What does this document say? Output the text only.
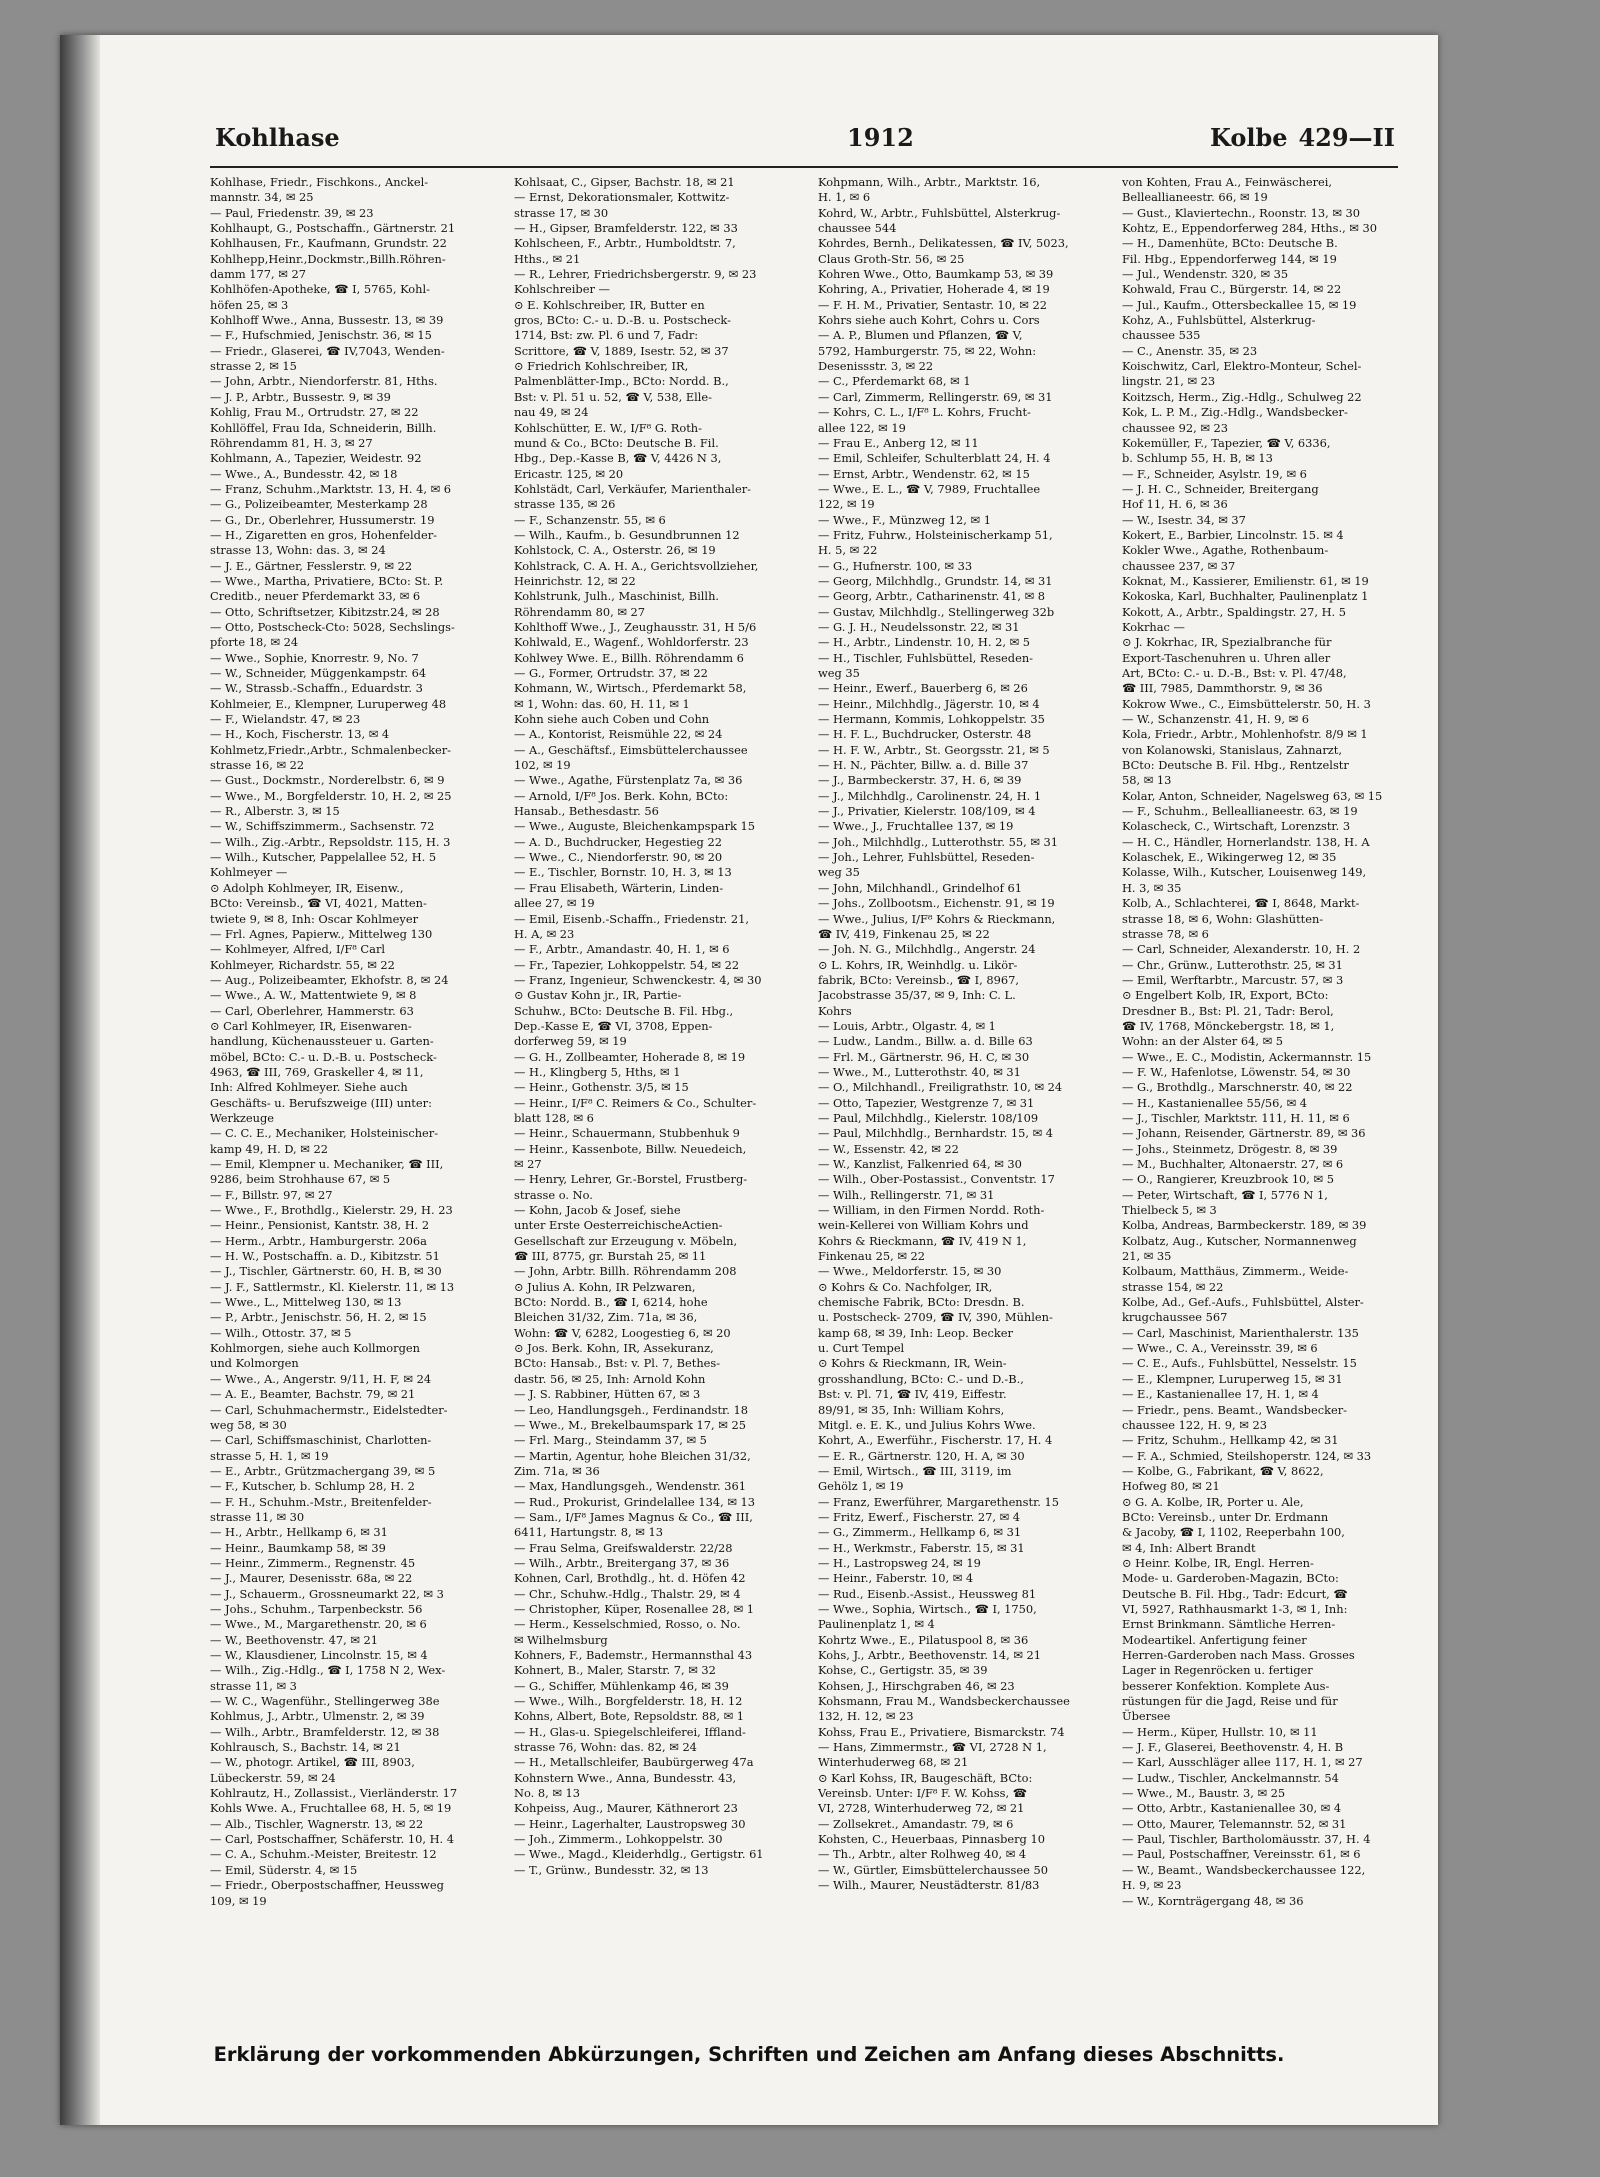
Kohlhase	1912	Kolbe 429—II
Kohlhase, Friedr., Fischkons., Anckel-
mannstr. 34, ✉ 25
— Paul, Friedenstr. 39, ✉ 23
Kohlhaupt, G., Postschaffn., Gärtnerstr. 21
Kohlhausen, Fr., Kaufmann, Grundstr. 22
Kohlhepp,Heinr.,Dockmstr.,Billh.Röhren-
damm 177, ✉ 27
Kohlhöfen-Apotheke, ☎ I, 5765, Kohl-
höfen 25, ✉ 3
Kohlhoff Wwe., Anna, Bussestr. 13, ✉ 39
— F., Hufschmied, Jenischstr. 36, ✉ 15
— Friedr., Glaserei, ☎ IV,7043, Wenden-
strasse 2, ✉ 15
— John, Arbtr., Niendorferstr. 81, Hths.
— J. P., Arbtr., Bussestr. 9, ✉ 39
Kohlig, Frau M., Ortrudstr. 27, ✉ 22
Kohllöffel, Frau Ida, Schneiderin, Billh.
Röhrendamm 81, H. 3, ✉ 27
Kohlmann, A., Tapezier, Weidestr. 92
— Wwe., A., Bundesstr. 42, ✉ 18
— Franz, Schuhm.,Marktstr. 13, H. 4, ✉ 6
— G., Polizeibeamter, Mesterkamp 28
— G., Dr., Oberlehrer, Hussumerstr. 19
— H., Zigaretten en gros, Hohenfelder-
strasse 13, Wohn: das. 3, ✉ 24
— J. E., Gärtner, Fesslerstr. 9, ✉ 22
— Wwe., Martha, Privatiere, BCto: St. P.
Creditb., neuer Pferdemarkt 33, ✉ 6
— Otto, Schriftsetzer, Kibitzstr.24, ✉ 28
— Otto, Postscheck-Cto: 5028, Sechslings-
pforte 18, ✉ 24
— Wwe., Sophie, Knorrestr. 9, No. 7
— W., Schneider, Müggenkampstr. 64
— W., Strassb.-Schaffn., Eduardstr. 3
Kohlmeier, E., Klempner, Luruperweg 48
— F., Wielandstr. 47, ✉ 23
— H., Koch, Fischerstr. 13, ✉ 4
Kohlmetz,Friedr.,Arbtr., Schmalenbecker-
strasse 16, ✉ 22
— Gust., Dockmstr., Norderelbstr. 6, ✉ 9
— Wwe., M., Borgfelderstr. 10, H. 2, ✉ 25
— R., Alberstr. 3, ✉ 15
— W., Schiffszimmerm., Sachsenstr. 72
— Wilh., Zig.-Arbtr., Repsoldstr. 115, H. 3
— Wilh., Kutscher, Pappelallee 52, H. 5
Kohlmeyer —
⊙ Adolph Kohlmeyer, IR, Eisenw.,
BCto: Vereinsb., ☎ VI, 4021, Matten-
twiete 9, ✉ 8, Inh: Oscar Kohlmeyer
— Frl. Agnes, Papierw., Mittelweg 130
— Kohlmeyer, Alfred, I/F⁸ Carl
Kohlmeyer, Richardstr. 55, ✉ 22
— Aug., Polizeibeamter, Ekhofstr. 8, ✉ 24
— Wwe., A. W., Mattentwiete 9, ✉ 8
— Carl, Oberlehrer, Hammerstr. 63
⊙ Carl Kohlmeyer, IR, Eisenwaren-
handlung, Küchenaussteuer u. Garten-
möbel, BCto: C.- u. D.-B. u. Postscheck-
4963, ☎ III, 769, Graskeller 4, ✉ 11,
Inh: Alfred Kohlmeyer. Siehe auch
Geschäfts- u. Berufszweige (III) unter:
Werkzeuge
— C. C. E., Mechaniker, Holsteinischer-
kamp 49, H. D, ✉ 22
— Emil, Klempner u. Mechaniker, ☎ III,
9286, beim Strohhause 67, ✉ 5
— F., Billstr. 97, ✉ 27
— Wwe., F., Brothdlg., Kielerstr. 29, H. 23
— Heinr., Pensionist, Kantstr. 38, H. 2
— Herm., Arbtr., Hamburgerstr. 206a
— H. W., Postschaffn. a. D., Kibitzstr. 51
— J., Tischler, Gärtnerstr. 60, H. B, ✉ 30
— J. F., Sattlermstr., Kl. Kielerstr. 11, ✉ 13
— Wwe., L., Mittelweg 130, ✉ 13
— P., Arbtr., Jenischstr. 56, H. 2, ✉ 15
— Wilh., Ottostr. 37, ✉ 5
Kohlmorgen, siehe auch Kollmorgen
und Kolmorgen
— Wwe., A., Angerstr. 9/11, H. F, ✉ 24
— A. E., Beamter, Bachstr. 79, ✉ 21
— Carl, Schuhmachermstr., Eidelstedter-
weg 58, ✉ 30
— Carl, Schiffsmaschinist, Charlotten-
strasse 5, H. 1, ✉ 19
— E., Arbtr., Grützmachergang 39, ✉ 5
— F., Kutscher, b. Schlump 28, H. 2
— F. H., Schuhm.-Mstr., Breitenfelder-
strasse 11, ✉ 30
— H., Arbtr., Hellkamp 6, ✉ 31
— Heinr., Baumkamp 58, ✉ 39
— Heinr., Zimmerm., Regnenstr. 45
— J., Maurer, Desenisstr. 68a, ✉ 22
— J., Schauerm., Grossneumarkt 22, ✉ 3
— Johs., Schuhm., Tarpenbeckstr. 56
— Wwe., M., Margarethenstr. 20, ✉ 6
— W., Beethovenstr. 47, ✉ 21
— W., Klausdiener, Lincolnstr. 15, ✉ 4
— Wilh., Zig.-Hdlg., ☎ I, 1758 N 2, Wex-
strasse 11, ✉ 3
— W. C., Wagenführ., Stellingerweg 38e
Kohlmus, J., Arbtr., Ulmenstr. 2, ✉ 39
— Wilh., Arbtr., Bramfelderstr. 12, ✉ 38
Kohlrausch, S., Bachstr. 14, ✉ 21
— W., photogr. Artikel, ☎ III, 8903,
Lübeckerstr. 59, ✉ 24
Kohlrautz, H., Zollassist., Vierländerstr. 17
Kohls Wwe. A., Fruchtallee 68, H. 5, ✉ 19
— Alb., Tischler, Wagnerstr. 13, ✉ 22
— Carl, Postschaffner, Schäferstr. 10, H. 4
— C. A., Schuhm.-Meister, Breitestr. 12
— Emil, Süderstr. 4, ✉ 15
— Friedr., Oberpostschaffner, Heussweg
109, ✉ 19
Kohlsaat, C., Gipser, Bachstr. 18, ✉ 21
— Ernst, Dekorationsmaler, Kottwitz-
strasse 17, ✉ 30
— H., Gipser, Bramfelderstr. 122, ✉ 33
Kohlscheen, F., Arbtr., Humboldtstr. 7,
Hths., ✉ 21
— R., Lehrer, Friedrichsbergerstr. 9, ✉ 23
Kohlschreiber —
⊙ E. Kohlschreiber, IR, Butter en
gros, BCto: C.- u. D.-B. u. Postscheck-
1714, Bst: zw. Pl. 6 und 7, Fadr:
Scrittore, ☎ V, 1889, Isestr. 52, ✉ 37
⊙ Friedrich Kohlschreiber, IR,
Palmenblätter-Imp., BCto: Nordd. B.,
Bst: v. Pl. 51 u. 52, ☎ V, 538, Elle-
nau 49, ✉ 24
Kohlschütter, E. W., I/F⁸ G. Roth-
mund & Co., BCto: Deutsche B. Fil.
Hbg., Dep.-Kasse B, ☎ V, 4426 N 3,
Ericastr. 125, ✉ 20
Kohlstädt, Carl, Verkäufer, Marienthaler-
strasse 135, ✉ 26
— F., Schanzenstr. 55, ✉ 6
— Wilh., Kaufm., b. Gesundbrunnen 12
Kohlstock, C. A., Osterstr. 26, ✉ 19
Kohlstrack, C. A. H. A., Gerichtsvollzieher,
Heinrichstr. 12, ✉ 22
Kohlstrunk, Julh., Maschinist, Billh.
Röhrendamm 80, ✉ 27
Kohlthoff Wwe., J., Zeughausstr. 31, H 5/6
Kohlwald, E., Wagenf., Wohldorferstr. 23
Kohlwey Wwe. E., Billh. Röhrendamm 6
— G., Former, Ortrudstr. 37, ✉ 22
Kohmann, W., Wirtsch., Pferdemarkt 58,
✉ 1, Wohn: das. 60, H. 11, ✉ 1
Kohn siehe auch Coben und Cohn
— A., Kontorist, Reismühle 22, ✉ 24
— A., Geschäftsf., Eimsbüttelerchaussee
102, ✉ 19
— Wwe., Agathe, Fürstenplatz 7a, ✉ 36
— Arnold, I/F⁸ Jos. Berk. Kohn, BCto:
Hansab., Bethesdastr. 56
— Wwe., Auguste, Bleichenkampspark 15
— A. D., Buchdrucker, Hegestieg 22
— Wwe., C., Niendorferstr. 90, ✉ 20
— E., Tischler, Bornstr. 10, H. 3, ✉ 13
— Frau Elisabeth, Wärterin, Linden-
allee 27, ✉ 19
— Emil, Eisenb.-Schaffn., Friedenstr. 21,
H. A, ✉ 23
— F., Arbtr., Amandastr. 40, H. 1, ✉ 6
— Fr., Tapezier, Lohkoppelstr. 54, ✉ 22
— Franz, Ingenieur, Schwenckestr. 4, ✉ 30
⊙ Gustav Kohn jr., IR, Partie-
Schuhw., BCto: Deutsche B. Fil. Hbg.,
Dep.-Kasse E, ☎ VI, 3708, Eppen-
dorferweg 59, ✉ 19
— G. H., Zollbeamter, Hoherade 8, ✉ 19
— H., Klingberg 5, Hths, ✉ 1
— Heinr., Gothenstr. 3/5, ✉ 15
— Heinr., I/F⁸ C. Reimers & Co., Schulter-
blatt 128, ✉ 6
— Heinr., Schauermann, Stubbenhuk 9
— Heinr., Kassenbote, Billw. Neuedeich,
✉ 27
— Henry, Lehrer, Gr.-Borstel, Frustberg-
strasse o. No.
— Kohn, Jacob & Josef, siehe
unter Erste OesterreichischeActien-
Gesellschaft zur Erzeugung v. Möbeln,
☎ III, 8775, gr. Burstah 25, ✉ 11
— John, Arbtr. Billh. Röhrendamm 208
⊙ Julius A. Kohn, IR Pelzwaren,
BCto: Nordd. B., ☎ I, 6214, hohe
Bleichen 31/32, Zim. 71a, ✉ 36,
Wohn: ☎ V, 6282, Loogestieg 6, ✉ 20
⊙ Jos. Berk. Kohn, IR, Assekuranz,
BCto: Hansab., Bst: v. Pl. 7, Bethes-
dastr. 56, ✉ 25, Inh: Arnold Kohn
— J. S. Rabbiner, Hütten 67, ✉ 3
— Leo, Handlungsgeh., Ferdinandstr. 18
— Wwe., M., Brekelbaumspark 17, ✉ 25
— Frl. Marg., Steindamm 37, ✉ 5
— Martin, Agentur, hohe Bleichen 31/32,
Zim. 71a, ✉ 36
— Max, Handlungsgeh., Wendenstr. 361
— Rud., Prokurist, Grindelallee 134, ✉ 13
— Sam., I/F⁸ James Magnus & Co., ☎ III,
6411, Hartungstr. 8, ✉ 13
— Frau Selma, Greifswalderstr. 22/28
— Wilh., Arbtr., Breitergang 37, ✉ 36
Kohnen, Carl, Brothdlg., ht. d. Höfen 42
— Chr., Schuhw.-Hdlg., Thalstr. 29, ✉ 4
— Christopher, Küper, Rosenallee 28, ✉ 1
— Herm., Kesselschmied, Rosso, o. No.
✉ Wilhelmsburg
Kohners, F., Bademstr., Hermannsthal 43
Kohnert, B., Maler, Starstr. 7, ✉ 32
— G., Schiffer, Mühlenkamp 46, ✉ 39
— Wwe., Wilh., Borgfelderstr. 18, H. 12
Kohns, Albert, Bote, Repsoldstr. 88, ✉ 1
— H., Glas-u. Spiegelschleiferei, Iffland-
strasse 76, Wohn: das. 82, ✉ 24
— H., Metallschleifer, Baubürgerweg 47a
Kohnstern Wwe., Anna, Bundesstr. 43,
No. 8, ✉ 13
Kohpeiss, Aug., Maurer, Käthnerort 23
— Heinr., Lagerhalter, Laustropsweg 30
— Joh., Zimmerm., Lohkoppelstr. 30
— Wwe., Magd., Kleiderhdlg., Gertigstr. 61
— T., Grünw., Bundesstr. 32, ✉ 13
Kohpmann, Wilh., Arbtr., Marktstr. 16,
H. 1, ✉ 6
Kohrd, W., Arbtr., Fuhlsbüttel, Alsterkrug-
chaussee 544
Kohrdes, Bernh., Delikatessen, ☎ IV, 5023,
Claus Groth-Str. 56, ✉ 25
Kohren Wwe., Otto, Baumkamp 53, ✉ 39
Kohring, A., Privatier, Hoherade 4, ✉ 19
— F. H. M., Privatier, Sentastr. 10, ✉ 22
Kohrs siehe auch Kohrt, Cohrs u. Cors
— A. P., Blumen und Pflanzen, ☎ V,
5792, Hamburgerstr. 75, ✉ 22, Wohn:
Desenissstr. 3, ✉ 22
— C., Pferdemarkt 68, ✉ 1
— Carl, Zimmerm, Rellingerstr. 69, ✉ 31
— Kohrs, C. L., I/F⁸ L. Kohrs, Frucht-
allee 122, ✉ 19
— Frau E., Anberg 12, ✉ 11
— Emil, Schleifer, Schulterblatt 24, H. 4
— Ernst, Arbtr., Wendenstr. 62, ✉ 15
— Wwe., E. L., ☎ V, 7989, Fruchtallee
122, ✉ 19
— Wwe., F., Münzweg 12, ✉ 1
— Fritz, Fuhrw., Holsteinischerkamp 51,
H. 5, ✉ 22
— G., Hufnerstr. 100, ✉ 33
— Georg, Milchhdlg., Grundstr. 14, ✉ 31
— Georg, Arbtr., Catharinenstr. 41, ✉ 8
— Gustav, Milchhdlg., Stellingerweg 32b
— G. J. H., Neudelssonstr. 22, ✉ 31
— H., Arbtr., Lindenstr. 10, H. 2, ✉ 5
— H., Tischler, Fuhlsbüttel, Reseden-
weg 35
— Heinr., Ewerf., Bauerberg 6, ✉ 26
— Heinr., Milchhdlg., Jägerstr. 10, ✉ 4
— Hermann, Kommis, Lohkoppelstr. 35
— H. F. L., Buchdrucker, Osterstr. 48
— H. F. W., Arbtr., St. Georgsstr. 21, ✉ 5
— H. N., Pächter, Billw. a. d. Bille 37
— J., Barmbeckerstr. 37, H. 6, ✉ 39
— J., Milchhdlg., Carolinenstr. 24, H. 1
— J., Privatier, Kielerstr. 108/109, ✉ 4
— Wwe., J., Fruchtallee 137, ✉ 19
— Joh., Milchhdlg., Lutterothstr. 55, ✉ 31
— Joh., Lehrer, Fuhlsbüttel, Reseden-
weg 35
— John, Milchhandl., Grindelhof 61
— Johs., Zollbootsm., Eichenstr. 91, ✉ 19
— Wwe., Julius, I/F⁸ Kohrs & Rieckmann,
☎ IV, 419, Finkenau 25, ✉ 22
— Joh. N. G., Milchhdlg., Angerstr. 24
⊙ L. Kohrs, IR, Weinhdlg. u. Likör-
fabrik, BCto: Vereinsb., ☎ I, 8967,
Jacobstrasse 35/37, ✉ 9, Inh: C. L.
Kohrs
— Louis, Arbtr., Olgastr. 4, ✉ 1
— Ludw., Landm., Billw. a. d. Bille 63
— Frl. M., Gärtnerstr. 96, H. C, ✉ 30
— Wwe., M., Lutterothstr. 40, ✉ 31
— O., Milchhandl., Freiligrathstr. 10, ✉ 24
— Otto, Tapezier, Westgrenze 7, ✉ 31
— Paul, Milchhdlg., Kielerstr. 108/109
— Paul, Milchhdlg., Bernhardstr. 15, ✉ 4
— W., Essenstr. 42, ✉ 22
— W., Kanzlist, Falkenried 64, ✉ 30
— Wilh., Ober-Postassist., Conventstr. 17
— Wilh., Rellingerstr. 71, ✉ 31
— William, in den Firmen Nordd. Roth-
wein-Kellerei von William Kohrs und
Kohrs & Rieckmann, ☎ IV, 419 N 1,
Finkenau 25, ✉ 22
— Wwe., Meldorferstr. 15, ✉ 30
⊙ Kohrs & Co. Nachfolger, IR,
chemische Fabrik, BCto: Dresdn. B.
u. Postscheck- 2709, ☎ IV, 390, Mühlen-
kamp 68, ✉ 39, Inh: Leop. Becker
u. Curt Tempel
⊙ Kohrs & Rieckmann, IR, Wein-
grosshandlung, BCto: C.- und D.-B.,
Bst: v. Pl. 71, ☎ IV, 419, Eiffestr.
89/91, ✉ 35, Inh: William Kohrs,
Mitgl. e. E. K., und Julius Kohrs Wwe.
Kohrt, A., Ewerführ., Fischerstr. 17, H. 4
— E. R., Gärtnerstr. 120, H. A, ✉ 30
— Emil, Wirtsch., ☎ III, 3119, im
Gehölz 1, ✉ 19
— Franz, Ewerführer, Margarethenstr. 15
— Fritz, Ewerf., Fischerstr. 27, ✉ 4
— G., Zimmerm., Hellkamp 6, ✉ 31
— H., Werkmstr., Faberstr. 15, ✉ 31
— H., Lastropsweg 24, ✉ 19
— Heinr., Faberstr. 10, ✉ 4
— Rud., Eisenb.-Assist., Heussweg 81
— Wwe., Sophia, Wirtsch., ☎ I, 1750,
Paulinenplatz 1, ✉ 4
Kohrtz Wwe., E., Pilatuspool 8, ✉ 36
Kohs, J., Arbtr., Beethovenstr. 14, ✉ 21
Kohse, C., Gertigstr. 35, ✉ 39
Kohsen, J., Hirschgraben 46, ✉ 23
Kohsmann, Frau M., Wandsbeckerchaussee
132, H. 12, ✉ 23
Kohss, Frau E., Privatiere, Bismarckstr. 74
— Hans, Zimmermstr., ☎ VI, 2728 N 1,
Winterhuderweg 68, ✉ 21
⊙ Karl Kohss, IR, Baugeschäft, BCto:
Vereinsb. Unter: I/F⁸ F. W. Kohss, ☎
VI, 2728, Winterhuderweg 72, ✉ 21
— Zollsekret., Amandastr. 79, ✉ 6
Kohsten, C., Heuerbaas, Pinnasberg 10
— Th., Arbtr., alter Rolhweg 40, ✉ 4
— W., Gürtler, Eimsbüttelerchaussee 50
— Wilh., Maurer, Neustädterstr. 81/83
von Kohten, Frau A., Feinwäscherei,
Belleallianeestr. 66, ✉ 19
— Gust., Klaviertechn., Roonstr. 13, ✉ 30
Kohtz, E., Eppendorferweg 284, Hths., ✉ 30
— H., Damenhüte, BCto: Deutsche B.
Fil. Hbg., Eppendorferweg 144, ✉ 19
— Jul., Wendenstr. 320, ✉ 35
Kohwald, Frau C., Bürgerstr. 14, ✉ 22
— Jul., Kaufm., Ottersbeckallee 15, ✉ 19
Kohz, A., Fuhlsbüttel, Alsterkrug-
chaussee 535
— C., Anenstr. 35, ✉ 23
Koischwitz, Carl, Elektro-Monteur, Schel-
lingstr. 21, ✉ 23
Koitzsch, Herm., Zig.-Hdlg., Schulweg 22
Kok, L. P. M., Zig.-Hdlg., Wandsbecker-
chaussee 92, ✉ 23
Kokemüller, F., Tapezier, ☎ V, 6336,
b. Schlump 55, H. B, ✉ 13
— F., Schneider, Asylstr. 19, ✉ 6
— J. H. C., Schneider, Breitergang
Hof 11, H. 6, ✉ 36
— W., Isestr. 34, ✉ 37
Kokert, E., Barbier, Lincolnstr. 15. ✉ 4
Kokler Wwe., Agathe, Rothenbaum-
chaussee 237, ✉ 37
Koknat, M., Kassierer, Emilienstr. 61, ✉ 19
Kokoska, Karl, Buchhalter, Paulinenplatz 1
Kokott, A., Arbtr., Spaldingstr. 27, H. 5
Kokrhac —
⊙ J. Kokrhac, IR, Spezialbranche für
Export-Taschenuhren u. Uhren aller
Art, BCto: C.- u. D.-B., Bst: v. Pl. 47/48,
☎ III, 7985, Dammthorstr. 9, ✉ 36
Kokrow Wwe., C., Eimsbüttelerstr. 50, H. 3
— W., Schanzenstr. 41, H. 9, ✉ 6
Kola, Friedr., Arbtr., Mohlenhofstr. 8/9 ✉ 1
von Kolanowski, Stanislaus, Zahnarzt,
BCto: Deutsche B. Fil. Hbg., Rentzelstr
58, ✉ 13
Kolar, Anton, Schneider, Nagelsweg 63, ✉ 15
— F., Schuhm., Belleallianeestr. 63, ✉ 19
Kolascheck, C., Wirtschaft, Lorenzstr. 3
— H. C., Händler, Hornerlandstr. 138, H. A
Kolaschek, E., Wikingerweg 12, ✉ 35
Kolasse, Wilh., Kutscher, Louisenweg 149,
H. 3, ✉ 35
Kolb, A., Schlachterei, ☎ I, 8648, Markt-
strasse 18, ✉ 6, Wohn: Glashütten-
strasse 78, ✉ 6
— Carl, Schneider, Alexanderstr. 10, H. 2
— Chr., Grünw., Lutterothstr. 25, ✉ 31
— Emil, Werftarbtr., Marcustr. 57, ✉ 3
⊙ Engelbert Kolb, IR, Export, BCto:
Dresdner B., Bst: Pl. 21, Tadr: Berol,
☎ IV, 1768, Mönckebergstr. 18, ✉ 1,
Wohn: an der Alster 64, ✉ 5
— Wwe., E. C., Modistin, Ackermannstr. 15
— F. W., Hafenlotse, Löwenstr. 54, ✉ 30
— G., Brothdlg., Marschnerstr. 40, ✉ 22
— H., Kastanienallee 55/56, ✉ 4
— J., Tischler, Marktstr. 111, H. 11, ✉ 6
— Johann, Reisender, Gärtnerstr. 89, ✉ 36
— Johs., Steinmetz, Drögestr. 8, ✉ 39
— M., Buchhalter, Altonaerstr. 27, ✉ 6
— O., Rangierer, Kreuzbrook 10, ✉ 5
— Peter, Wirtschaft, ☎ I, 5776 N 1,
Thielbeck 5, ✉ 3
Kolba, Andreas, Barmbeckerstr. 189, ✉ 39
Kolbatz, Aug., Kutscher, Normannenweg
21, ✉ 35
Kolbaum, Matthäus, Zimmerm., Weide-
strasse 154, ✉ 22
Kolbe, Ad., Gef.-Aufs., Fuhlsbüttel, Alster-
krugchaussee 567
— Carl, Maschinist, Marienthalerstr. 135
— Wwe., C. A., Vereinsstr. 39, ✉ 6
— C. E., Aufs., Fuhlsbüttel, Nesselstr. 15
— E., Klempner, Luruperweg 15, ✉ 31
— E., Kastanienallee 17, H. 1, ✉ 4
— Friedr., pens. Beamt., Wandsbecker-
chaussee 122, H. 9, ✉ 23
— Fritz, Schuhm., Hellkamp 42, ✉ 31
— F. A., Schmied, Steilshoperstr. 124, ✉ 33
— Kolbe, G., Fabrikant, ☎ V, 8622,
Hofweg 80, ✉ 21
⊙ G. A. Kolbe, IR, Porter u. Ale,
BCto: Vereinsb., unter Dr. Erdmann
& Jacoby, ☎ I, 1102, Reeperbahn 100,
✉ 4, Inh: Albert Brandt
⊙ Heinr. Kolbe, IR, Engl. Herren-
Mode- u. Garderoben-Magazin, BCto:
Deutsche B. Fil. Hbg., Tadr: Edcurt, ☎
VI, 5927, Rathhausmarkt 1-3, ✉ 1, Inh:
Ernst Brinkmann. Sämtliche Herren-
Modeartikel. Anfertigung feiner
Herren-Garderoben nach Mass. Grosses
Lager in Regenröcken u. fertiger
besserer Konfektion. Komplete Aus-
rüstungen für die Jagd, Reise und für
Übersee
— Herm., Küper, Hullstr. 10, ✉ 11
— J. F., Glaserei, Beethovenstr. 4, H. B
— Karl, Ausschläger allee 117, H. 1, ✉ 27
— Ludw., Tischler, Anckelmannstr. 54
— Wwe., M., Baustr. 3, ✉ 25
— Otto, Arbtr., Kastanienallee 30, ✉ 4
— Otto, Maurer, Telemannstr. 52, ✉ 31
— Paul, Tischler, Bartholomäusstr. 37, H. 4
— Paul, Postschaffner, Vereinsstr. 61, ✉ 6
— W., Beamt., Wandsbeckerchaussee 122,
H. 9, ✉ 23
— W., Kornträgergang 48, ✉ 36
Erklärung der vorkommenden Abkürzungen, Schriften und Zeichen am Anfang dieses Abschnitts.
